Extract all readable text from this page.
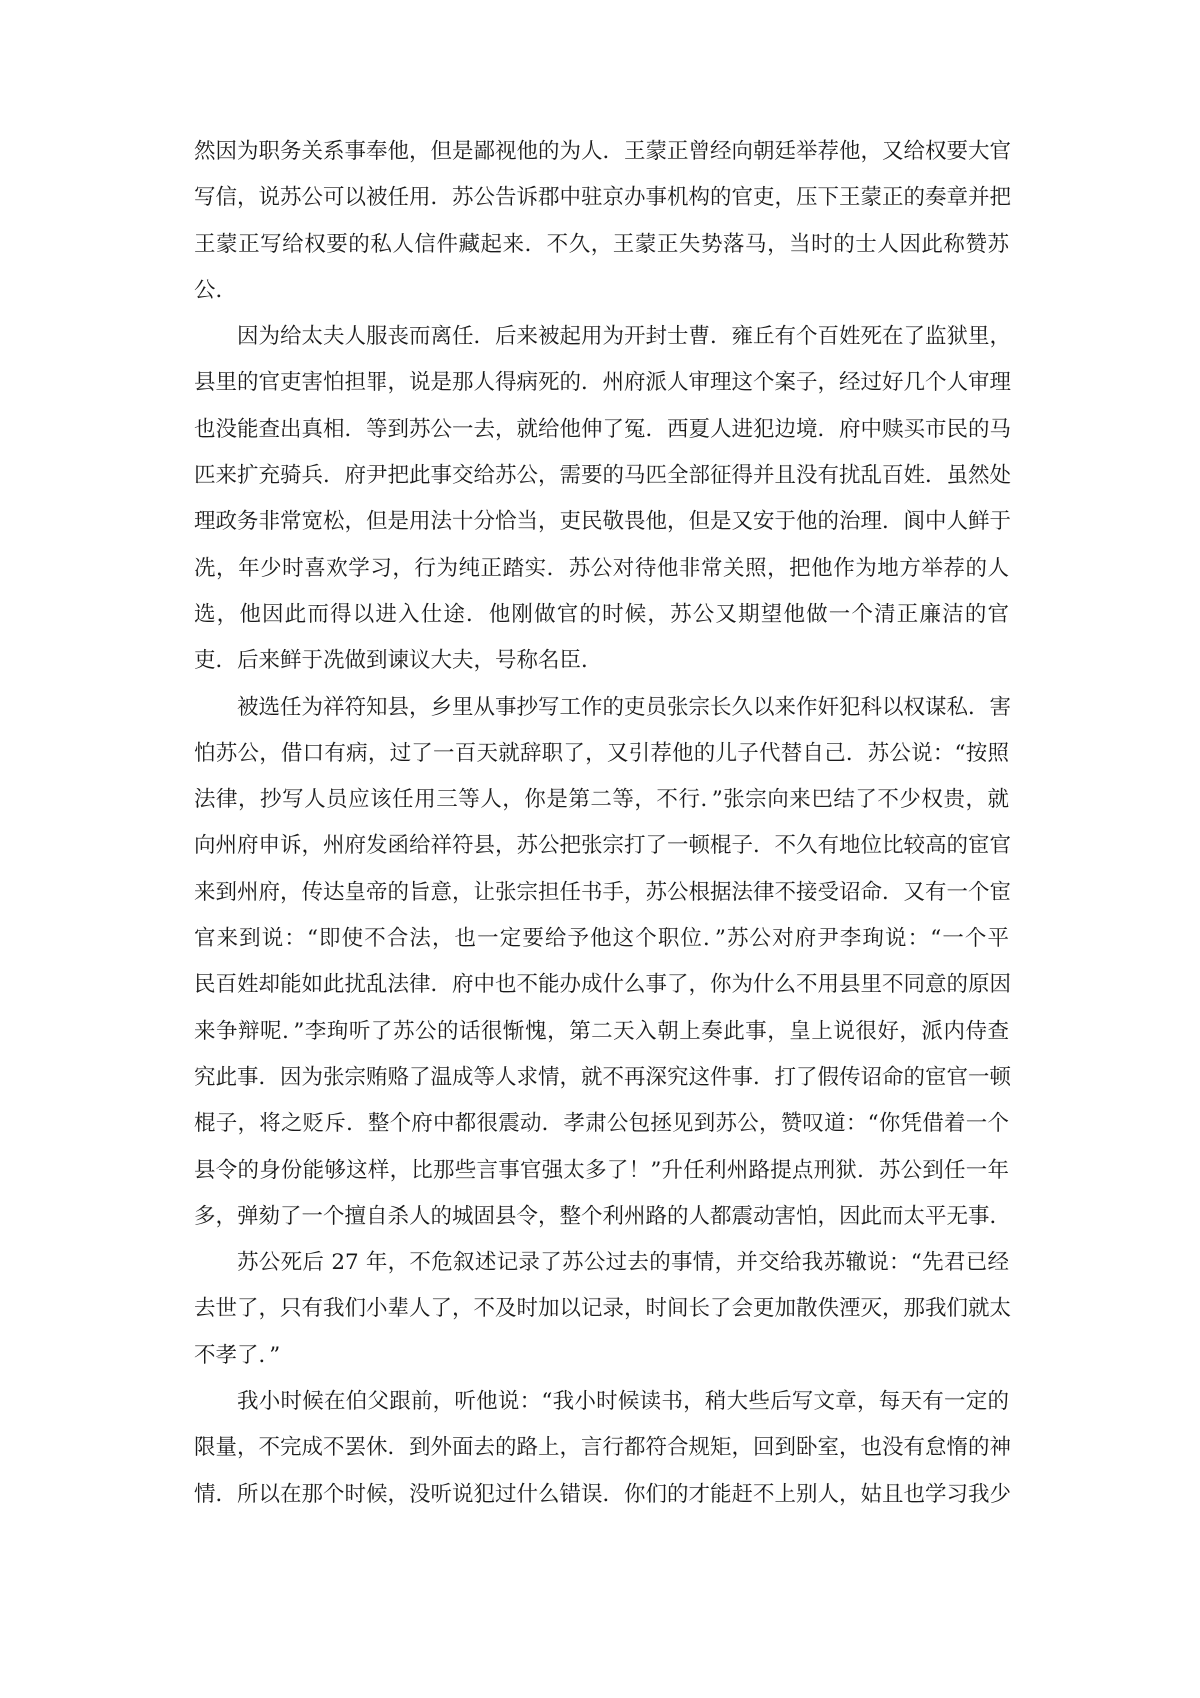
然因为职务关系事奉他，但是鄙视他的为人．王蒙正曾经向朝廷举荐他，又给权要大官
写信，说苏公可以被任用．苏公告诉郡中驻京办事机构的官吏，压下王蒙正的奏章并把
王蒙正写给权要的私人信件藏起来．不久，王蒙正失势落马，当时的士人因此称赞苏
公．
因为给太夫人服丧而离任．后来被起用为开封士曹．雍丘有个百姓死在了监狱里，
县里的官吏害怕担罪，说是那人得病死的．州府派人审理这个案子，经过好几个人审理
也没能查出真相．等到苏公一去，就给他伸了冤．西夏人进犯边境．府中赎买市民的马
匹来扩充骑兵．府尹把此事交给苏公，需要的马匹全部征得并且没有扰乱百姓．虽然处
理政务非常宽松，但是用法十分恰当，吏民敬畏他，但是又安于他的治理．阆中人鲜于
冼，年少时喜欢学习，行为纯正踏实．苏公对待他非常关照，把他作为地方举荐的人
选，他因此而得以进入仕途．他刚做官的时候，苏公又期望他做一个清正廉洁的官
吏．后来鲜于冼做到谏议大夫，号称名臣．
被选任为祥符知县，乡里从事抄写工作的吏员张宗长久以来作奸犯科以权谋私．害
怕苏公，借口有病，过了一百天就辞职了，又引荐他的儿子代替自己．苏公说：“按照
法律，抄写人员应该任用三等人，你是第二等，不行．”张宗向来巴结了不少权贵，就
向州府申诉，州府发函给祥符县，苏公把张宗打了一顿棍子．不久有地位比较高的宦官
来到州府，传达皇帝的旨意，让张宗担任书手，苏公根据法律不接受诏命．又有一个宦
官来到说：“即使不合法，也一定要给予他这个职位．”苏公对府尹李珣说：“一个平
民百姓却能如此扰乱法律．府中也不能办成什么事了，你为什么不用县里不同意的原因
来争辩呢．”李珣听了苏公的话很惭愧，第二天入朝上奏此事，皇上说很好，派内侍查
究此事．因为张宗贿赂了温成等人求情，就不再深究这件事．打了假传诏命的宦官一顿
棍子，将之贬斥．整个府中都很震动．孝肃公包拯见到苏公，赞叹道：“你凭借着一个
县令的身份能够这样，比那些言事官强太多了！”升任利州路提点刑狱．苏公到任一年
多，弹劾了一个擅自杀人的城固县令，整个利州路的人都震动害怕，因此而太平无事．
苏公死后 27 年，不危叙述记录了苏公过去的事情，并交给我苏辙说：“先君已经
去世了，只有我们小辈人了，不及时加以记录，时间长了会更加散佚湮灭，那我们就太
不孝了．”
我小时候在伯父跟前，听他说：“我小时候读书，稍大些后写文章，每天有一定的
限量，不完成不罢休．到外面去的路上，言行都符合规矩，回到卧室，也没有怠惰的神
情．所以在那个时候，没听说犯过什么错误．你们的才能赶不上别人，姑且也学习我少
